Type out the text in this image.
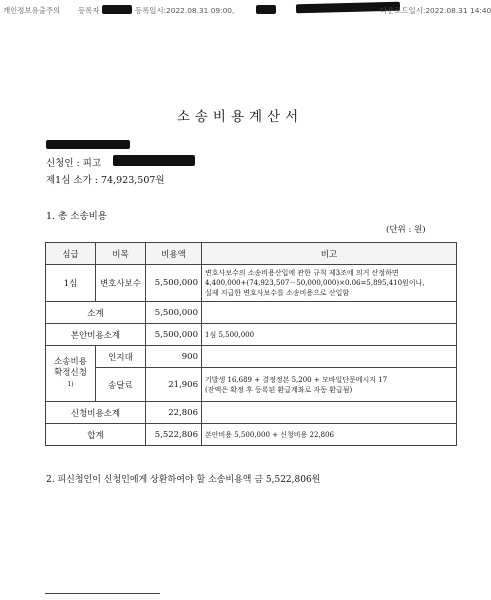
개인정보유출주의 등록자	등록일시:2022.08.31 09:00,	다운로드일시:2022.08.31 14:40
소송비용계산서
신청인 : 피고
제1심 소가 : 74,923,507원
1. 총 소송비용
(단위 : 원)
심급	비목	비용액	비고
1심	변호사보수	5,500,000	변호사보수의 소송비용산입에 관한 규칙 제3조에 의거 산정하면
4,400,000+(74,923,507－50,000,000)×0.06=5,895,410원이나,
실제 지급한 변호사보수를 소송비용으로 산입함

소계		5,500,000	
본안비용소계		5,500,000	1심 5,500,000

소송비용
확정신청
1)	인지대	900	
	송달료	21,906	기발생 16,689 + 결정정본 5,200 + 모바일단문메시지 17
(잔액은 확정 후 등록된 환급계좌로 자동 환급됨)

신청비용소계		22,806	
합계		5,522,806	본안비용 5,500,000 + 신청비용 22,806
2. 피신청인이 신청인에게 상환하여야 할 소송비용액 금 5,522,806원
